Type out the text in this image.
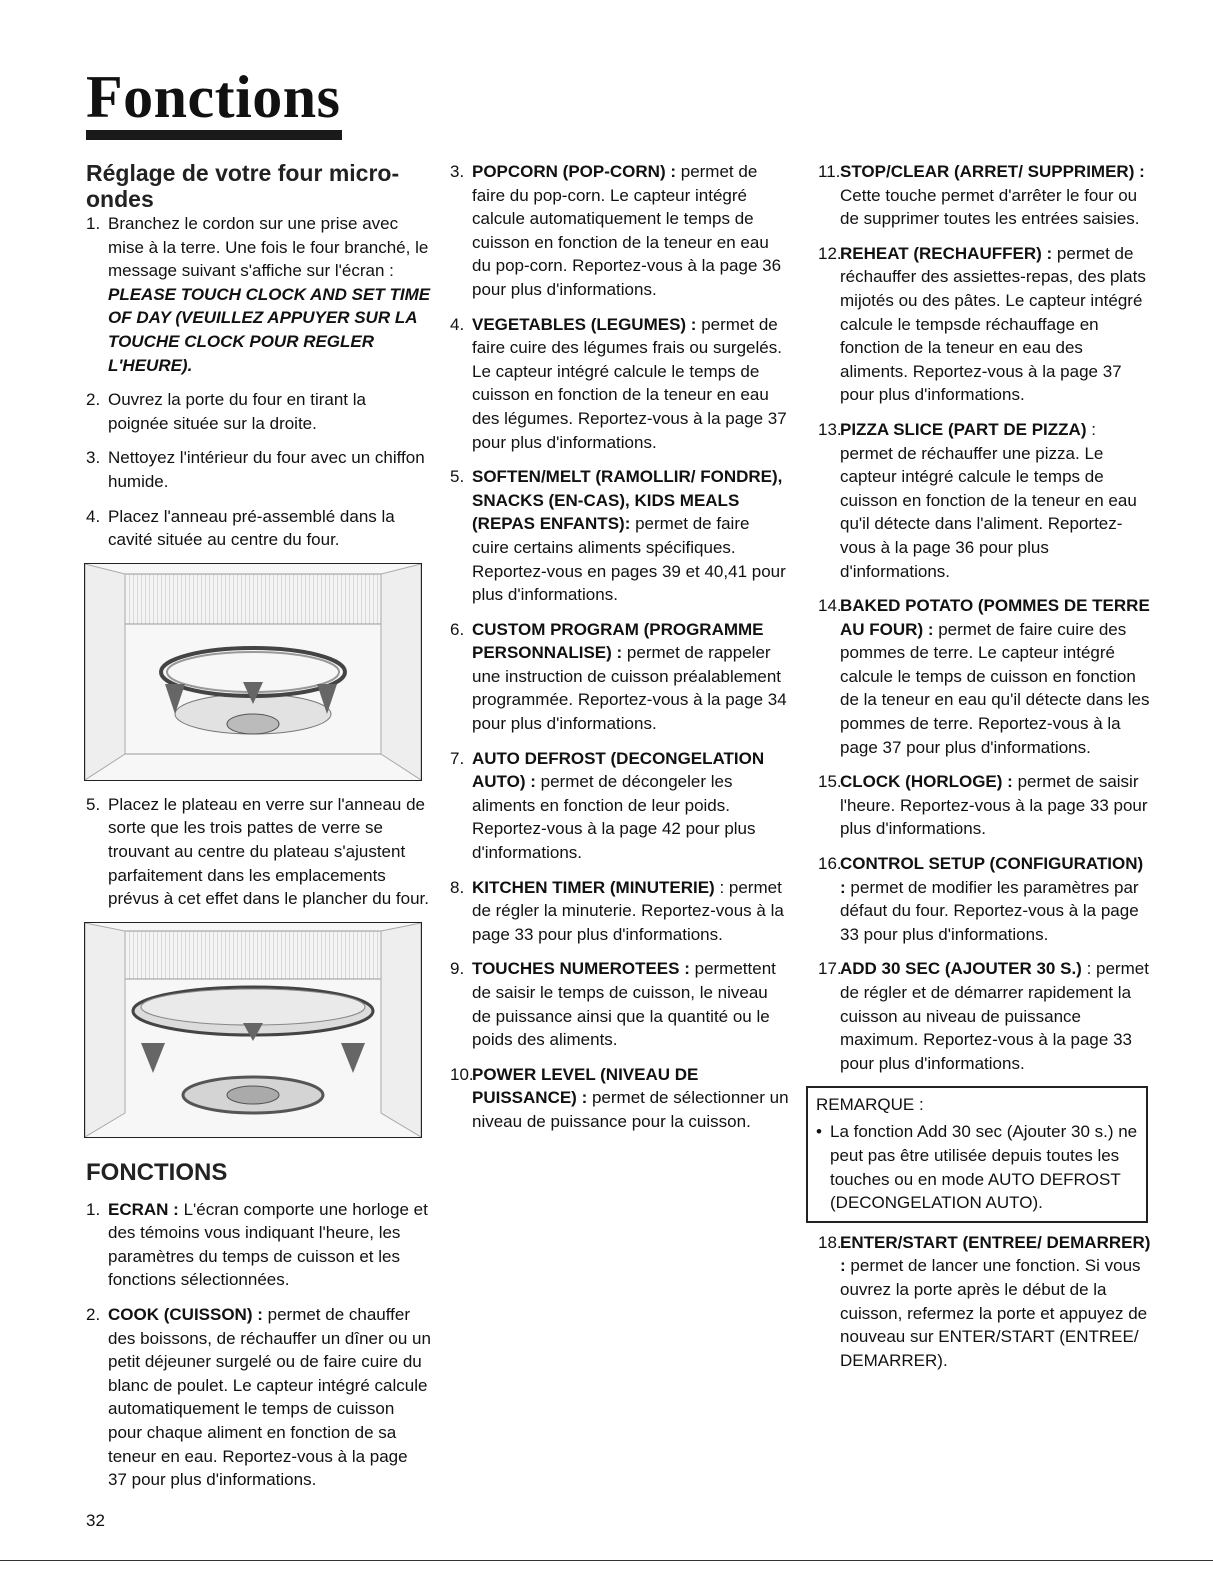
Fonctions
Réglage de votre four micro-ondes
1. Branchez le cordon sur une prise avec mise à la terre. Une fois le four branché, le message suivant s'affiche sur l'écran :
PLEASE TOUCH CLOCK AND SET TIME OF DAY (VEUILLEZ APPUYER SUR LA TOUCHE CLOCK POUR REGLER L'HEURE).
2. Ouvrez la porte du four en tirant la poignée située sur la droite.
3. Nettoyez l'intérieur du four avec un chiffon humide.
4. Placez l'anneau pré-assemblé dans la cavité située au centre du four.
5. Placez le plateau en verre sur l'anneau de sorte que les trois pattes de verre se trouvant au centre du plateau s'ajustent parfaitement dans les emplacements prévus à cet effet dans le plancher du four.
FONCTIONS
1. ECRAN : L'écran comporte une horloge et des témoins vous indiquant l'heure, les paramètres du temps de cuisson et les fonctions sélectionnées.
2. COOK (CUISSON) : permet de chauffer des boissons, de réchauffer un dîner ou un petit déjeuner surgelé ou de faire cuire du blanc de poulet. Le capteur intégré calcule automatiquement le temps de cuisson pour chaque aliment en fonction de sa teneur en eau. Reportez-vous à la page 37 pour plus d'informations.
3. POPCORN (POP-CORN) : permet de faire du pop-corn. Le capteur intégré calcule automatiquement le temps de cuisson en fonction de la teneur en eau du pop-corn. Reportez-vous à la page 36 pour plus d'informations.
4. VEGETABLES (LEGUMES) : permet de faire cuire des légumes frais ou surgelés. Le capteur intégré calcule le temps de cuisson en fonction de la teneur en eau des légumes. Reportez-vous à la page 37 pour plus d'informations.
5. SOFTEN/MELT (RAMOLLIR/ FONDRE), SNACKS (EN-CAS), KIDS MEALS (REPAS ENFANTS): permet de faire cuire certains aliments spécifiques. Reportez-vous en pages 39 et 40,41 pour plus d'informations.
6. CUSTOM PROGRAM (PROGRAMME PERSONNALISE) : permet de rappeler une instruction de cuisson préalablement programmée. Reportez-vous à la page 34 pour plus d'informations.
7. AUTO DEFROST (DECONGELATION AUTO) : permet de décongeler les aliments en fonction de leur poids. Reportez-vous à la page 42 pour plus d'informations.
8. KITCHEN TIMER (MINUTERIE) : permet de régler la minuterie. Reportez-vous à la page 33 pour plus d'informations.
9. TOUCHES NUMEROTEES : permettent de saisir le temps de cuisson, le niveau de puissance ainsi que la quantité ou le poids des aliments.
10.
POWER LEVEL (NIVEAU DE PUISSANCE) : permet de sélectionner un niveau de puissance pour la cuisson.
11. STOP/CLEAR (ARRET/ SUPPRIMER) : Cette touche permet d'arrêter le four ou de supprimer toutes les entrées saisies.
12.
REHEAT (RECHAUFFER) : permet de réchauffer des assiettes-repas, des plats mijotés ou des pâtes. Le capteur intégré calcule le tempsde réchauffage en fonction de la teneur en eau des aliments. Reportez-vous à la page 37 pour plus d'informations.
13.
PIZZA SLICE (PART DE PIZZA) : permet de réchauffer une pizza. Le capteur intégré calcule le temps de cuisson en fonction de la teneur en eau qu'il détecte dans l'aliment. Reportez-vous à la page 36 pour plus d'informations.
14.
BAKED POTATO (POMMES DE TERRE AU FOUR) : permet de faire cuire des pommes de terre. Le capteur intégré calcule le temps de cuisson en fonction de la teneur en eau qu'il détecte dans les pommes de terre. Reportez-vous à la page 37 pour plus d'informations.
15.
CLOCK (HORLOGE) : permet de saisir l'heure. Reportez-vous à la page 33 pour plus d'informations.
16.
CONTROL SETUP (CONFIGURATION) : permet de modifier les paramètres par défaut du four. Reportez-vous à la page 33 pour plus d'informations.
17.
ADD 30 SEC (AJOUTER 30 S.) : permet de régler et de démarrer rapidement la cuisson au niveau de puissance maximum. Reportez-vous à la page 33 pour plus d'informations.
REMARQUE :
• La fonction Add 30 sec (Ajouter 30 s.) ne peut pas être utilisée depuis toutes les touches ou en mode AUTO DEFROST (DECONGELATION AUTO).
18.
ENTER/START (ENTREE/ DEMARRER) : permet de lancer une fonction. Si vous ouvrez la porte après le début de la cuisson, refermez la porte et appuyez de nouveau sur ENTER/START (ENTREE/ DEMARRER).
32
